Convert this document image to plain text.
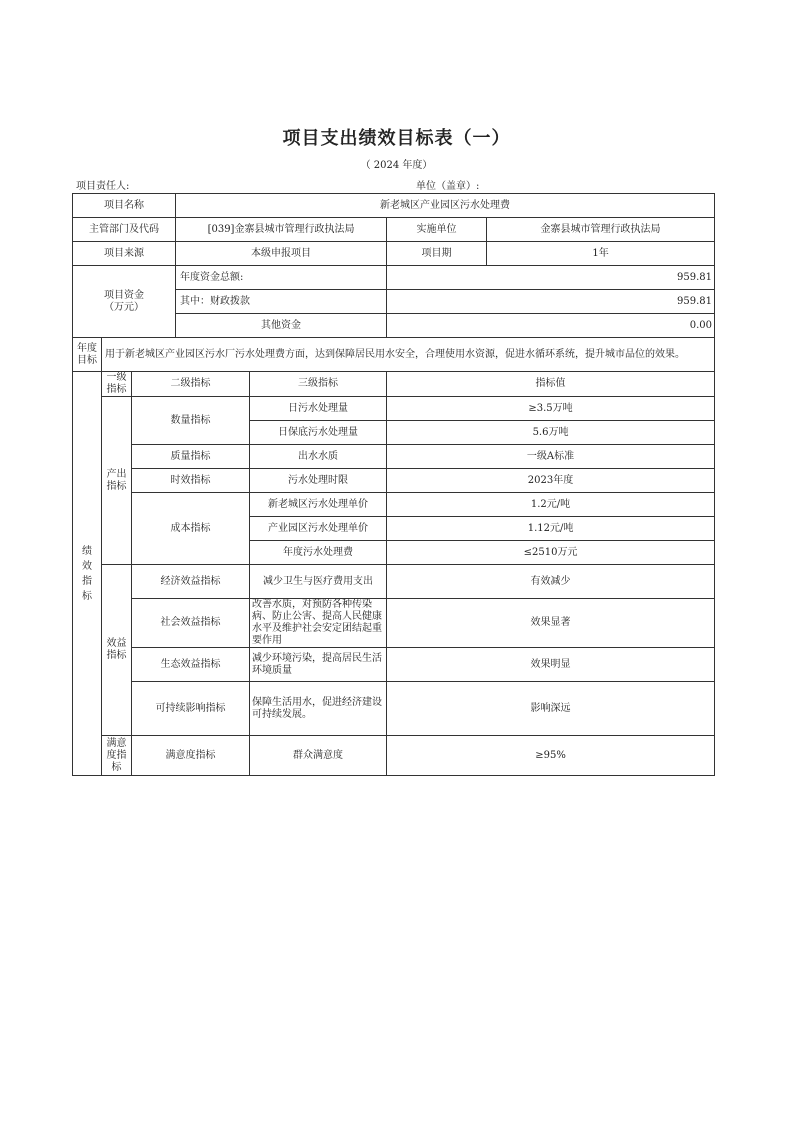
项目支出绩效目标表（一）
（ 2024 年度）
项目责任人:	单位（盖章）:
项目名称			新老城区产业园区污水处理费			
主管部门及代码			[039]金寨县城市管理行政执法局		实施单位	金寨县城市管理行政执法局
项目来源			本级申报项目		项目期	1年
项目资金（万元）			年度资金总额:		959.81	
			其中：财政拨款		959.81	
			其他资金		0.00	
年度目标	用于新老城区产业园区污水厂污水处理费方面，达到保障居民用水安全，合理使用水资源，促进水循环系统，提升城市品位的效果。					
绩效指标	一级指标	二级指标		三级指标	指标值	
	产出指标	数量指标		日污水处理量	≥3.5万吨	
				日保底污水处理量	5.6万吨	
		质量指标		出水水质	一级A标准	
		时效指标		污水处理时限	2023年度	
		成本指标		新老城区污水处理单价	1.2元/吨	
				产业园区污水处理单价	1.12元/吨	
				年度污水处理费	≤2510万元	
	效益指标	经济效益指标		减少卫生与医疗费用支出	有效减少	
		社会效益指标		改善水质，对预防各种传染病、防止公害、提高人民健康水平及维护社会安定团结起重要作用	效果显著	
		生态效益指标		减少环境污染，提高居民生活环境质量	效果明显	
		可持续影响指标		保障生活用水，促进经济建设可持续发展。	影响深远	
	满意度指标	满意度指标		群众满意度	≥95%	
